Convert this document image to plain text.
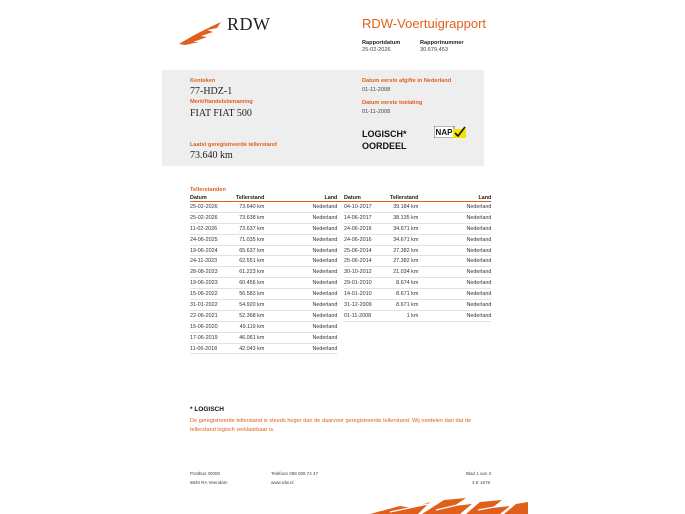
RDW	RDW-Voertuigrapport
Rapportdatum
25-02-2026
Rapportnummer
30.679.453
Kenteken
77-HDZ-1
Merk/Handelsbenaming
FIAT FIAT 500
Datum eerste afgifte in Nederland
01-11-2008
Datum eerste toelating
01-11-2008
Laatst geregistreerde tellerstand
73.640 km
LOGISCH*
OORDEEL
NAP
Tellerstanden
Datum	Tellerstand	Land
25-02-2026	73.640 km	Nederland
25-02-2026	73.638 km	Nederland
11-02-2026	73.637 km	Nederland
24-06-2025	71.035 km	Nederland
19-06-2024	65.637 km	Nederland
24-11-2023	62.551 km	Nederland
28-08-2023	61.223 km	Nederland
19-06-2023	60.456 km	Nederland
15-06-2022	56.583 km	Nederland
31-01-2022	54.920 km	Nederland
22-06-2021	52.368 km	Nederland
15-06-2020	49.119 km	Nederland
17-06-2019	46.061 km	Nederland
11-06-2018	42.043 km	Nederland
Datum	Tellerstand	Land
04-10-2017	39.184 km	Nederland
14-06-2017	38.135 km	Nederland
24-06-2016	34.671 km	Nederland
24-06-2016	34.671 km	Nederland
25-06-2014	27.382 km	Nederland
25-06-2014	27.382 km	Nederland
30-10-2012	21.034 km	Nederland
29-01-2010	8.674 km	Nederland
14-01-2010	8.671 km	Nederland
31-12-2009	8.671 km	Nederland
01-11-2008	1 km	Nederland
* LOGISCH
De geregistreerde tellerstand is steeds hoger dan de daarvoor geregistreerde tellerstand. Wij oordelen dan dat de tellerstand logisch verklaarbaar is.
Postbus 30000
9640 RA Veendam
Telefoon 088 008 74 47
www.rdw.nl
Blad 1 van 3
3 E 1679
